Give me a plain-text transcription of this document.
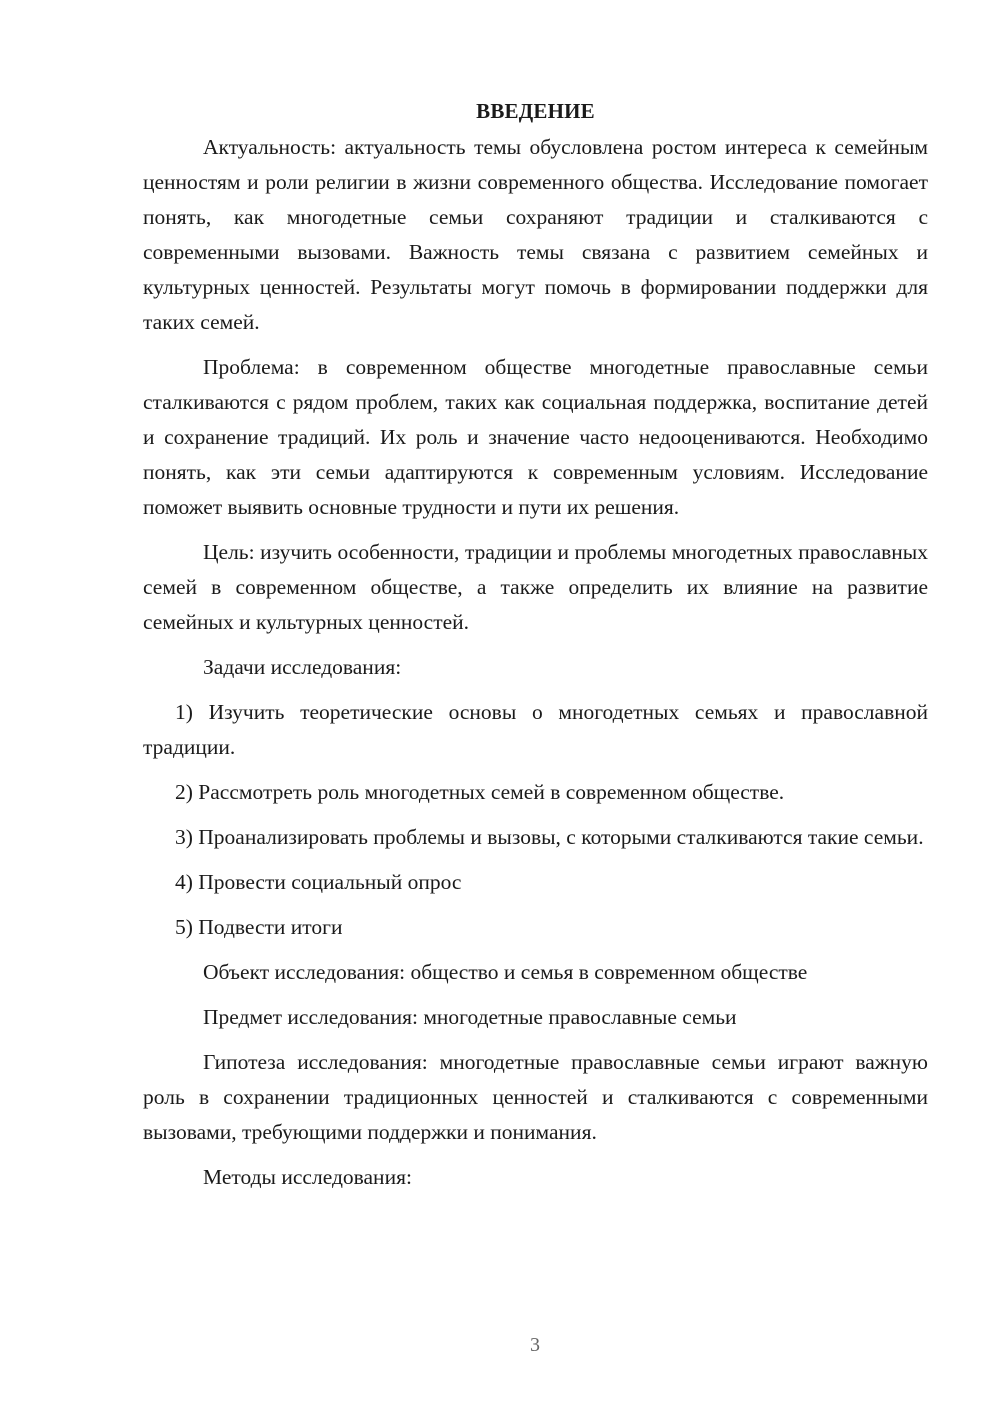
ВВЕДЕНИЕ

Актуальность: актуальность темы обусловлена ростом интереса к семейным ценностям и роли религии в жизни современного общества. Исследование помогает понять, как многодетные семьи сохраняют традиции и сталкиваются с современными вызовами. Важность темы связана с развитием семейных и культурных ценностей. Результаты могут помочь в формировании поддержки для таких семей.

Проблема: в современном обществе многодетные православные семьи сталкиваются с рядом проблем, таких как социальная поддержка, воспитание детей и сохранение традиций. Их роль и значение часто недооцениваются. Необходимо понять, как эти семьи адаптируются к современным условиям. Исследование поможет выявить основные трудности и пути их решения.

Цель: изучить особенности, традиции и проблемы многодетных православных семей в современном обществе, а также определить их влияние на развитие семейных и культурных ценностей.

Задачи исследования:

1) Изучить теоретические основы о многодетных семьях и православной традиции.

2) Рассмотреть роль многодетных семей в современном обществе.

3) Проанализировать проблемы и вызовы, с которыми сталкиваются такие семьи.

4) Провести социальный опрос

5) Подвести итоги

Объект исследования: общество и семья в современном обществе

Предмет исследования: многодетные православные семьи

Гипотеза исследования: многодетные православные семьи играют важную роль в сохранении традиционных ценностей и сталкиваются с современными вызовами, требующими поддержки и понимания.

Методы исследования:

3
